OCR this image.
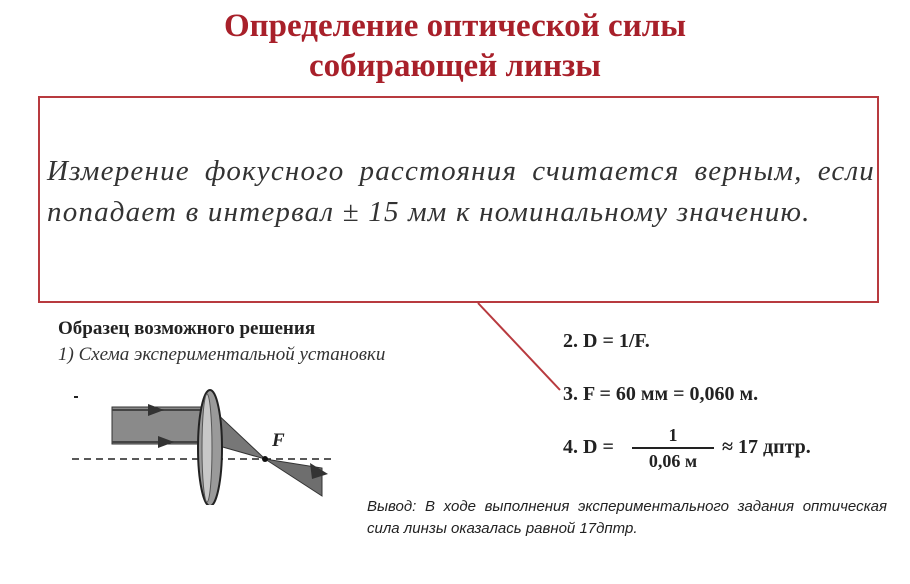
Определение оптической силы
собирающей линзы

Измерение фокусного расстояния считается верным, если попадает в интервал ± 15 мм к номинальному значению.

Образец возможного решения

1) Схема экспериментальной установки

F
2. D = 1/F.
3. F = 60 мм = 0,060 м.
4. D =
1
0,06 м
≈ 17 дптр.

Вывод: В ходе выполнения экспериментального задания оптическая сила линзы оказалась равной 17дптр.
